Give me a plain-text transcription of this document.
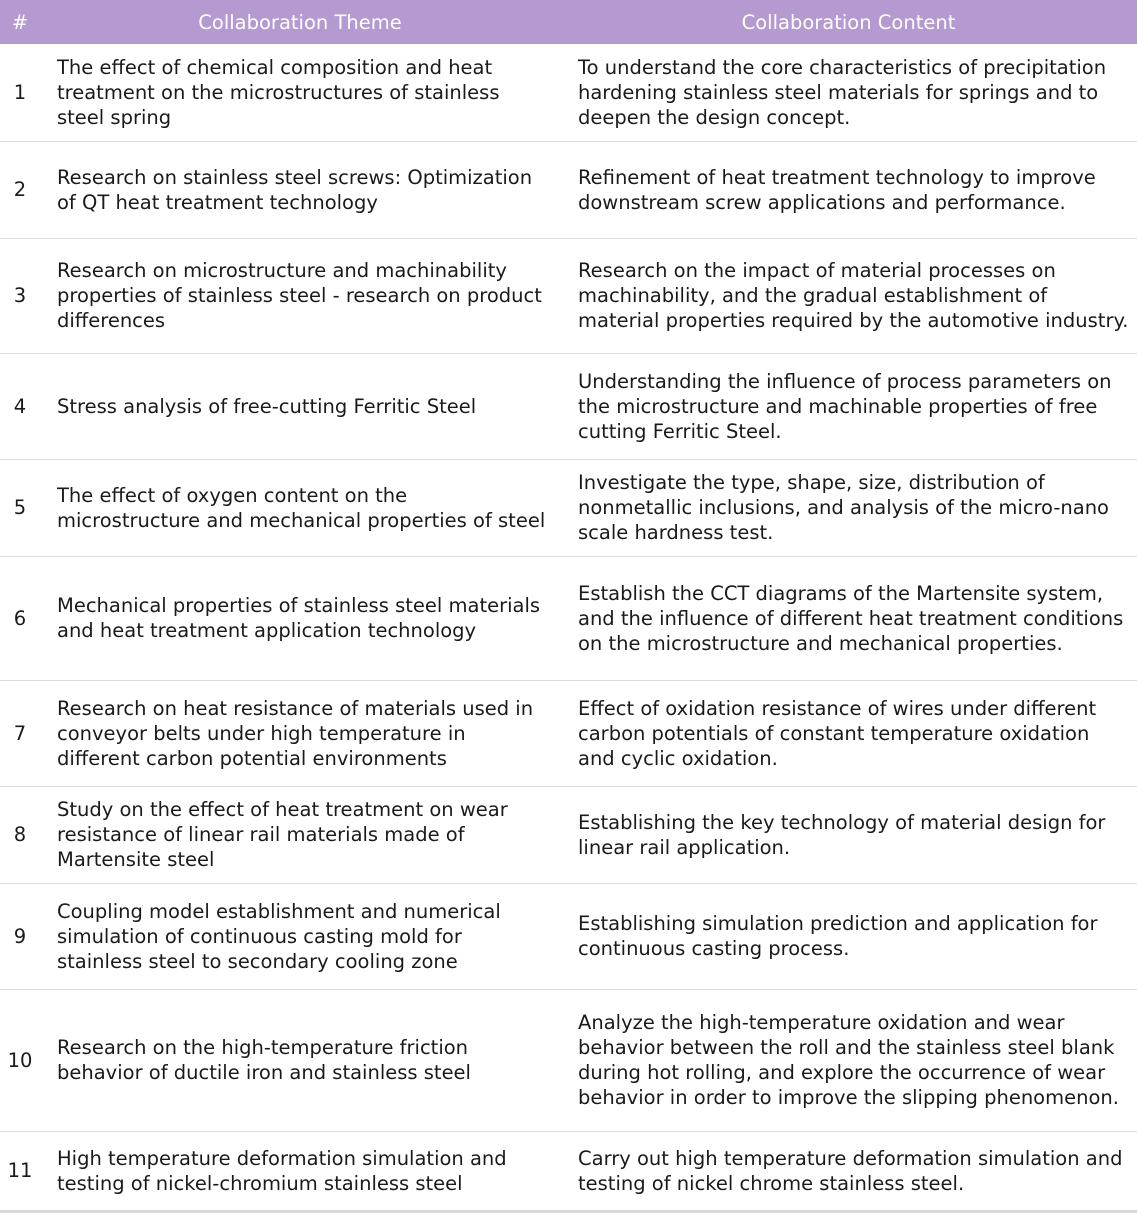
#	Collaboration Theme	Collaboration Content
1	The effect of chemical composition and heat treatment on the microstructures of stainless steel spring	To understand the core characteristics of precipitation hardening stainless steel materials for springs and to deepen the design concept.
2	Research on stainless steel screws: Optimization of QT heat treatment technology	Refinement of heat treatment technology to improve downstream screw applications and performance.
3	Research on microstructure and machinability properties of stainless steel - research on product differences	Research on the impact of material processes on machinability, and the gradual establishment of material properties required by the automotive industry.
4	Stress analysis of free-cutting Ferritic Steel	Understanding the influence of process parameters on the microstructure and machinable properties of free cutting Ferritic Steel.
5	The effect of oxygen content on the microstructure and mechanical properties of steel	Investigate the type, shape, size, distribution of nonmetallic inclusions, and analysis of the micro-nano scale hardness test.
6	Mechanical properties of stainless steel materials and heat treatment application technology	Establish the CCT diagrams of the Martensite system, and the influence of different heat treatment conditions on the microstructure and mechanical properties.
7	Research on heat resistance of materials used in conveyor belts under high temperature in different carbon potential environments	Effect of oxidation resistance of wires under different carbon potentials of constant temperature oxidation and cyclic oxidation.
8	Study on the effect of heat treatment on wear resistance of linear rail materials made of Martensite steel	Establishing the key technology of material design for linear rail application.
9	Coupling model establishment and numerical simulation of continuous casting mold for stainless steel to secondary cooling zone	Establishing simulation prediction and application for continuous casting process.
10	Research on the high-temperature friction behavior of ductile iron and stainless steel	Analyze the high-temperature oxidation and wear behavior between the roll and the stainless steel blank during hot rolling, and explore the occurrence of wear behavior in order to improve the slipping phenomenon.
11	High temperature deformation simulation and testing of nickel-chromium stainless steel	Carry out high temperature deformation simulation and testing of nickel chrome stainless steel.
